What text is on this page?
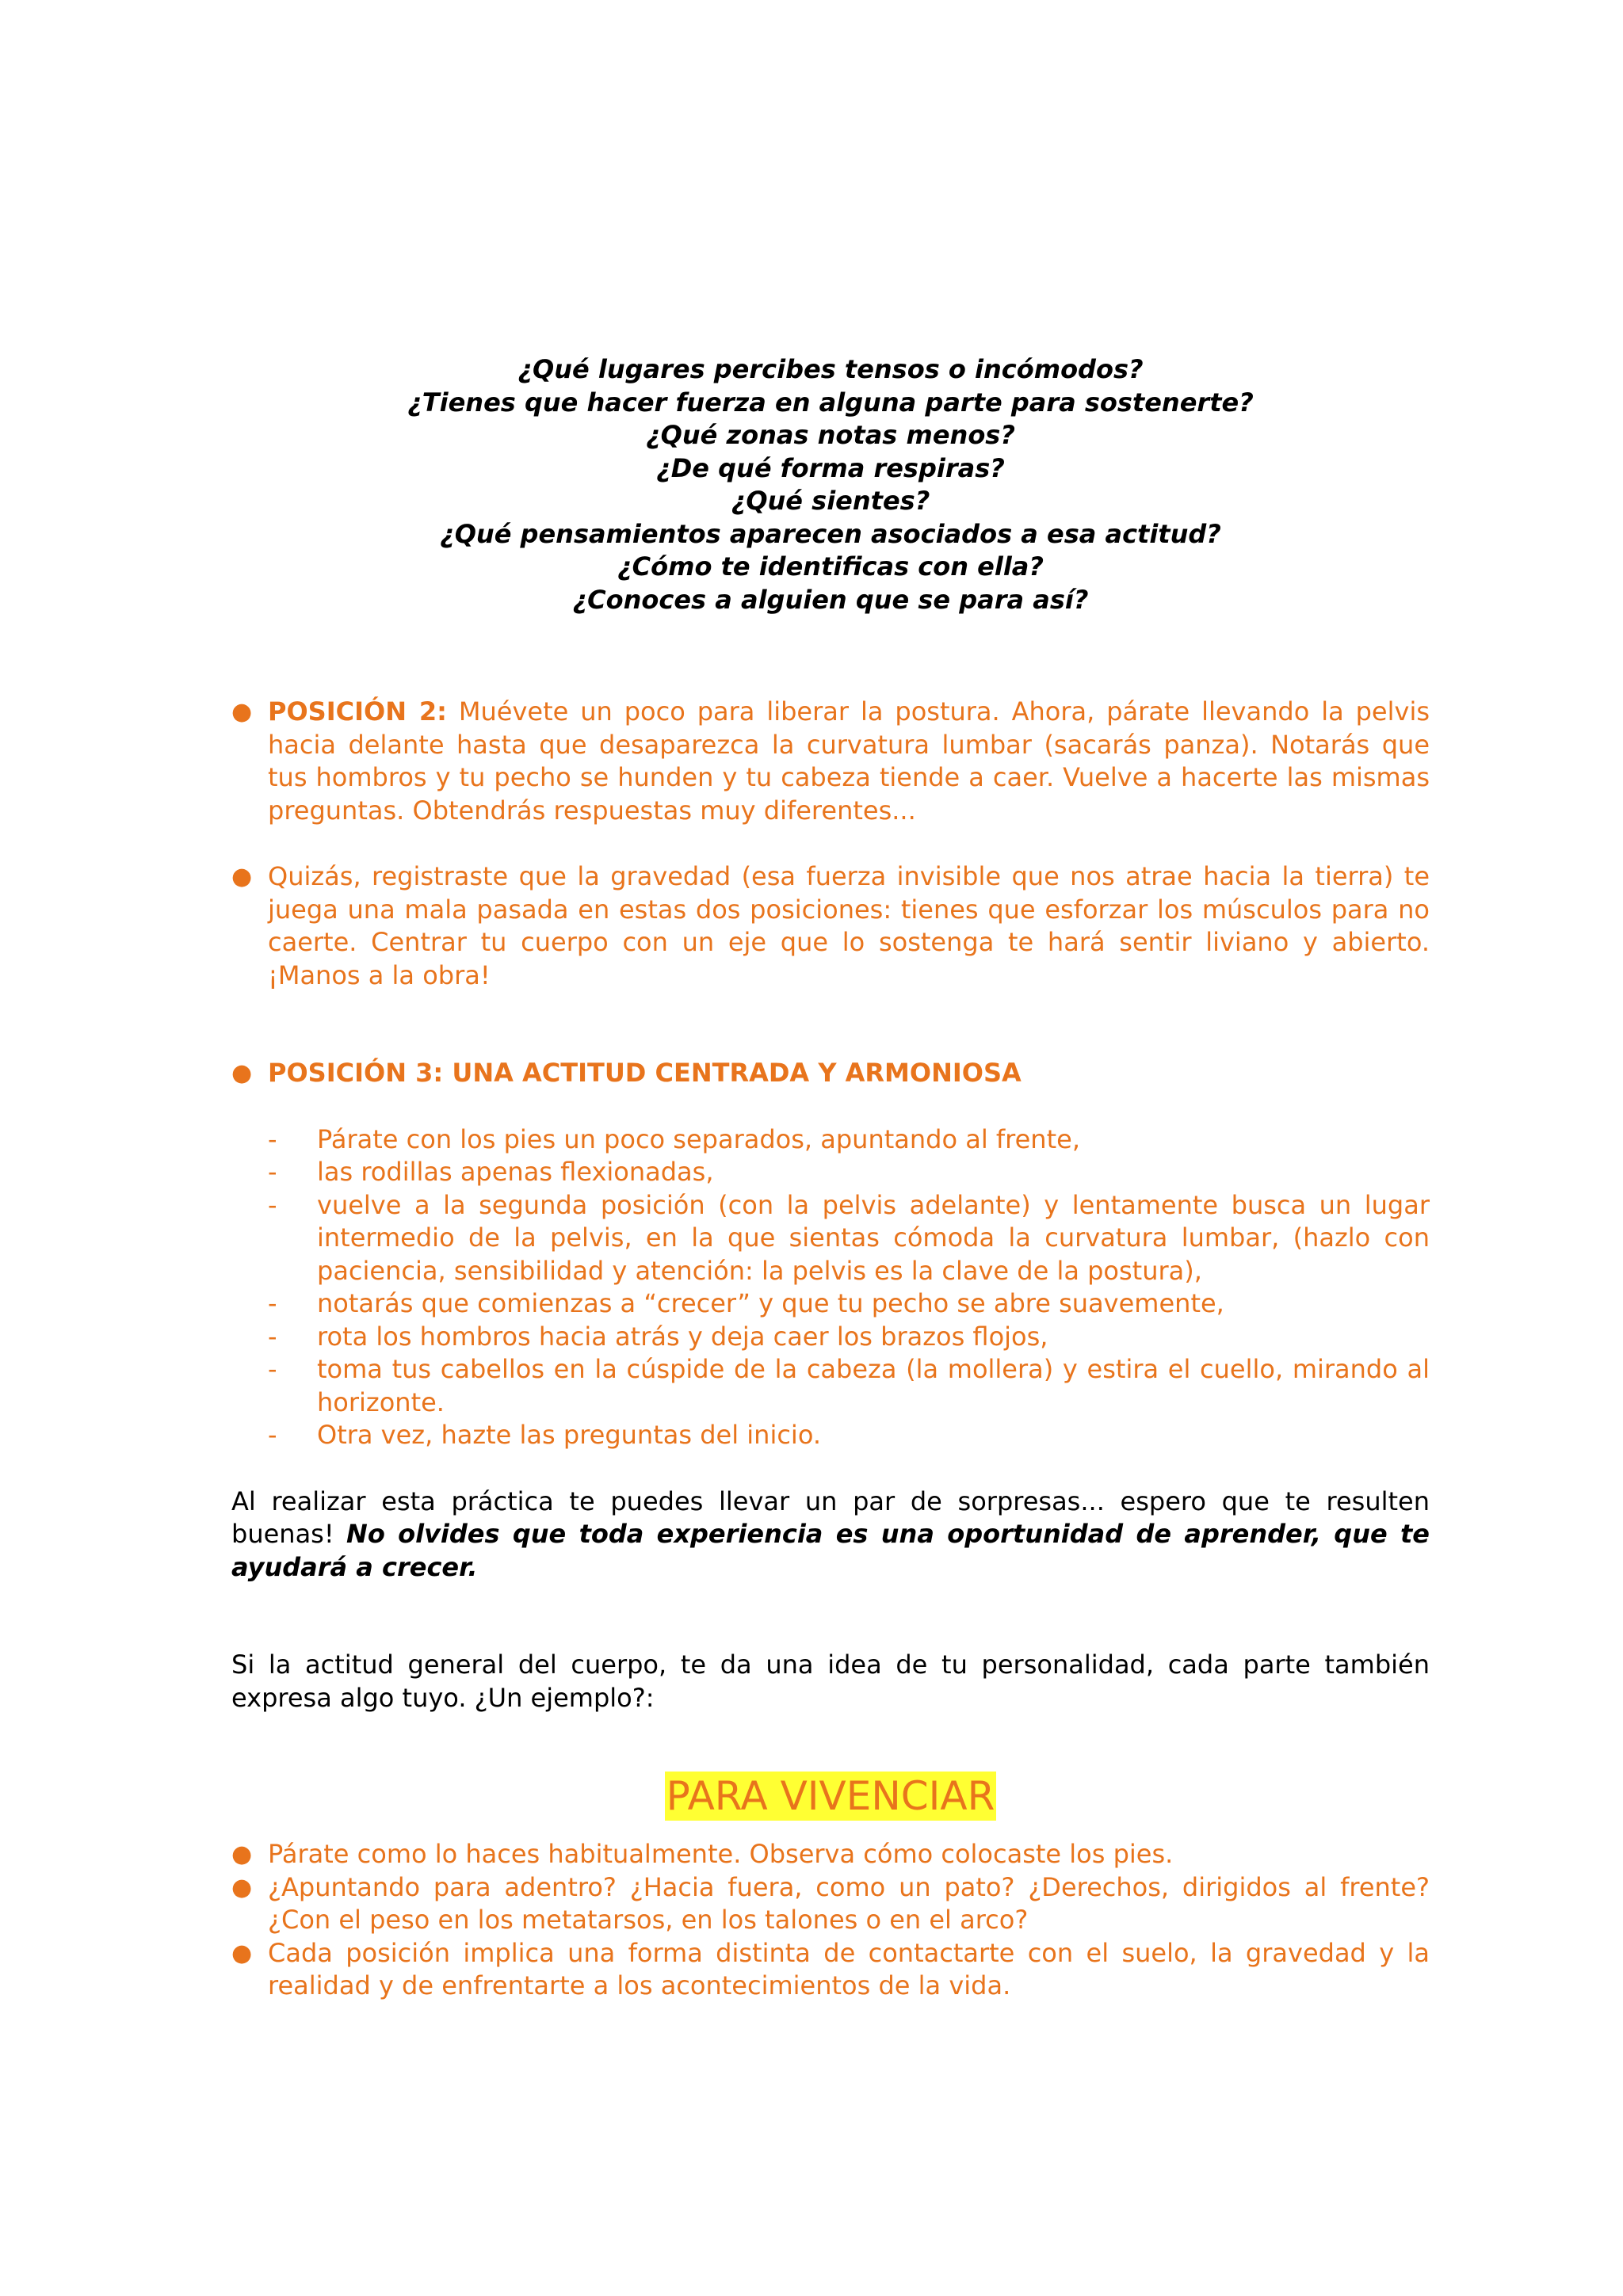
¿Qué lugares percibes tensos o incómodos?
¿Tienes que hacer fuerza en alguna parte para sostenerte?
¿Qué zonas notas menos?
¿De qué forma respiras?
¿Qué sientes?
¿Qué pensamientos aparecen asociados a esa actitud?
¿Cómo te identificas con ella?
¿Conoces a alguien que se para así?
● POSICIÓN 2: Muévete un poco para liberar la postura. Ahora, párate llevando la pelvis hacia delante hasta que desaparezca la curvatura lumbar (sacarás panza). Notarás que tus hombros y tu pecho se hunden y tu cabeza tiende a caer. Vuelve a hacerte las mismas preguntas. Obtendrás respuestas muy diferentes...
● Quizás, registraste que la gravedad (esa fuerza invisible que nos atrae hacia la tierra) te juega una mala pasada en estas dos posiciones: tienes que esforzar los músculos para no caerte. Centrar tu cuerpo con un eje que lo sostenga te hará sentir liviano y abierto. ¡Manos a la obra!
● POSICIÓN 3: UNA ACTITUD CENTRADA Y ARMONIOSA
- Párate con los pies un poco separados, apuntando al frente,
- las rodillas apenas flexionadas,
- vuelve a la segunda posición (con la pelvis adelante) y lentamente busca un lugar intermedio de la pelvis, en la que sientas cómoda la curvatura lumbar, (hazlo con paciencia, sensibilidad y atención: la pelvis es la clave de la postura),
- notarás que comienzas a “crecer” y que tu pecho se abre suavemente,
- rota los hombros hacia atrás y deja caer los brazos flojos,
- toma tus cabellos en la cúspide de la cabeza (la mollera) y estira el cuello, mirando al horizonte.
- Otra vez, hazte las preguntas del inicio.

Al realizar esta práctica te puedes llevar un par de sorpresas... espero que te resulten buenas! No olvides que toda experiencia es una oportunidad de aprender, que te ayudará a crecer.

Si la actitud general del cuerpo, te da una idea de tu personalidad, cada parte también expresa algo tuyo. ¿Un ejemplo?:

PARA VIVENCIAR

● Párate como lo haces habitualmente. Observa cómo colocaste los pies.
● ¿Apuntando para adentro? ¿Hacia fuera, como un pato? ¿Derechos, dirigidos al frente? ¿Con el peso en los metatarsos, en los talones o en el arco?
● Cada posición implica una forma distinta de contactarte con el suelo, la gravedad y la realidad y de enfrentarte a los acontecimientos de la vida.
